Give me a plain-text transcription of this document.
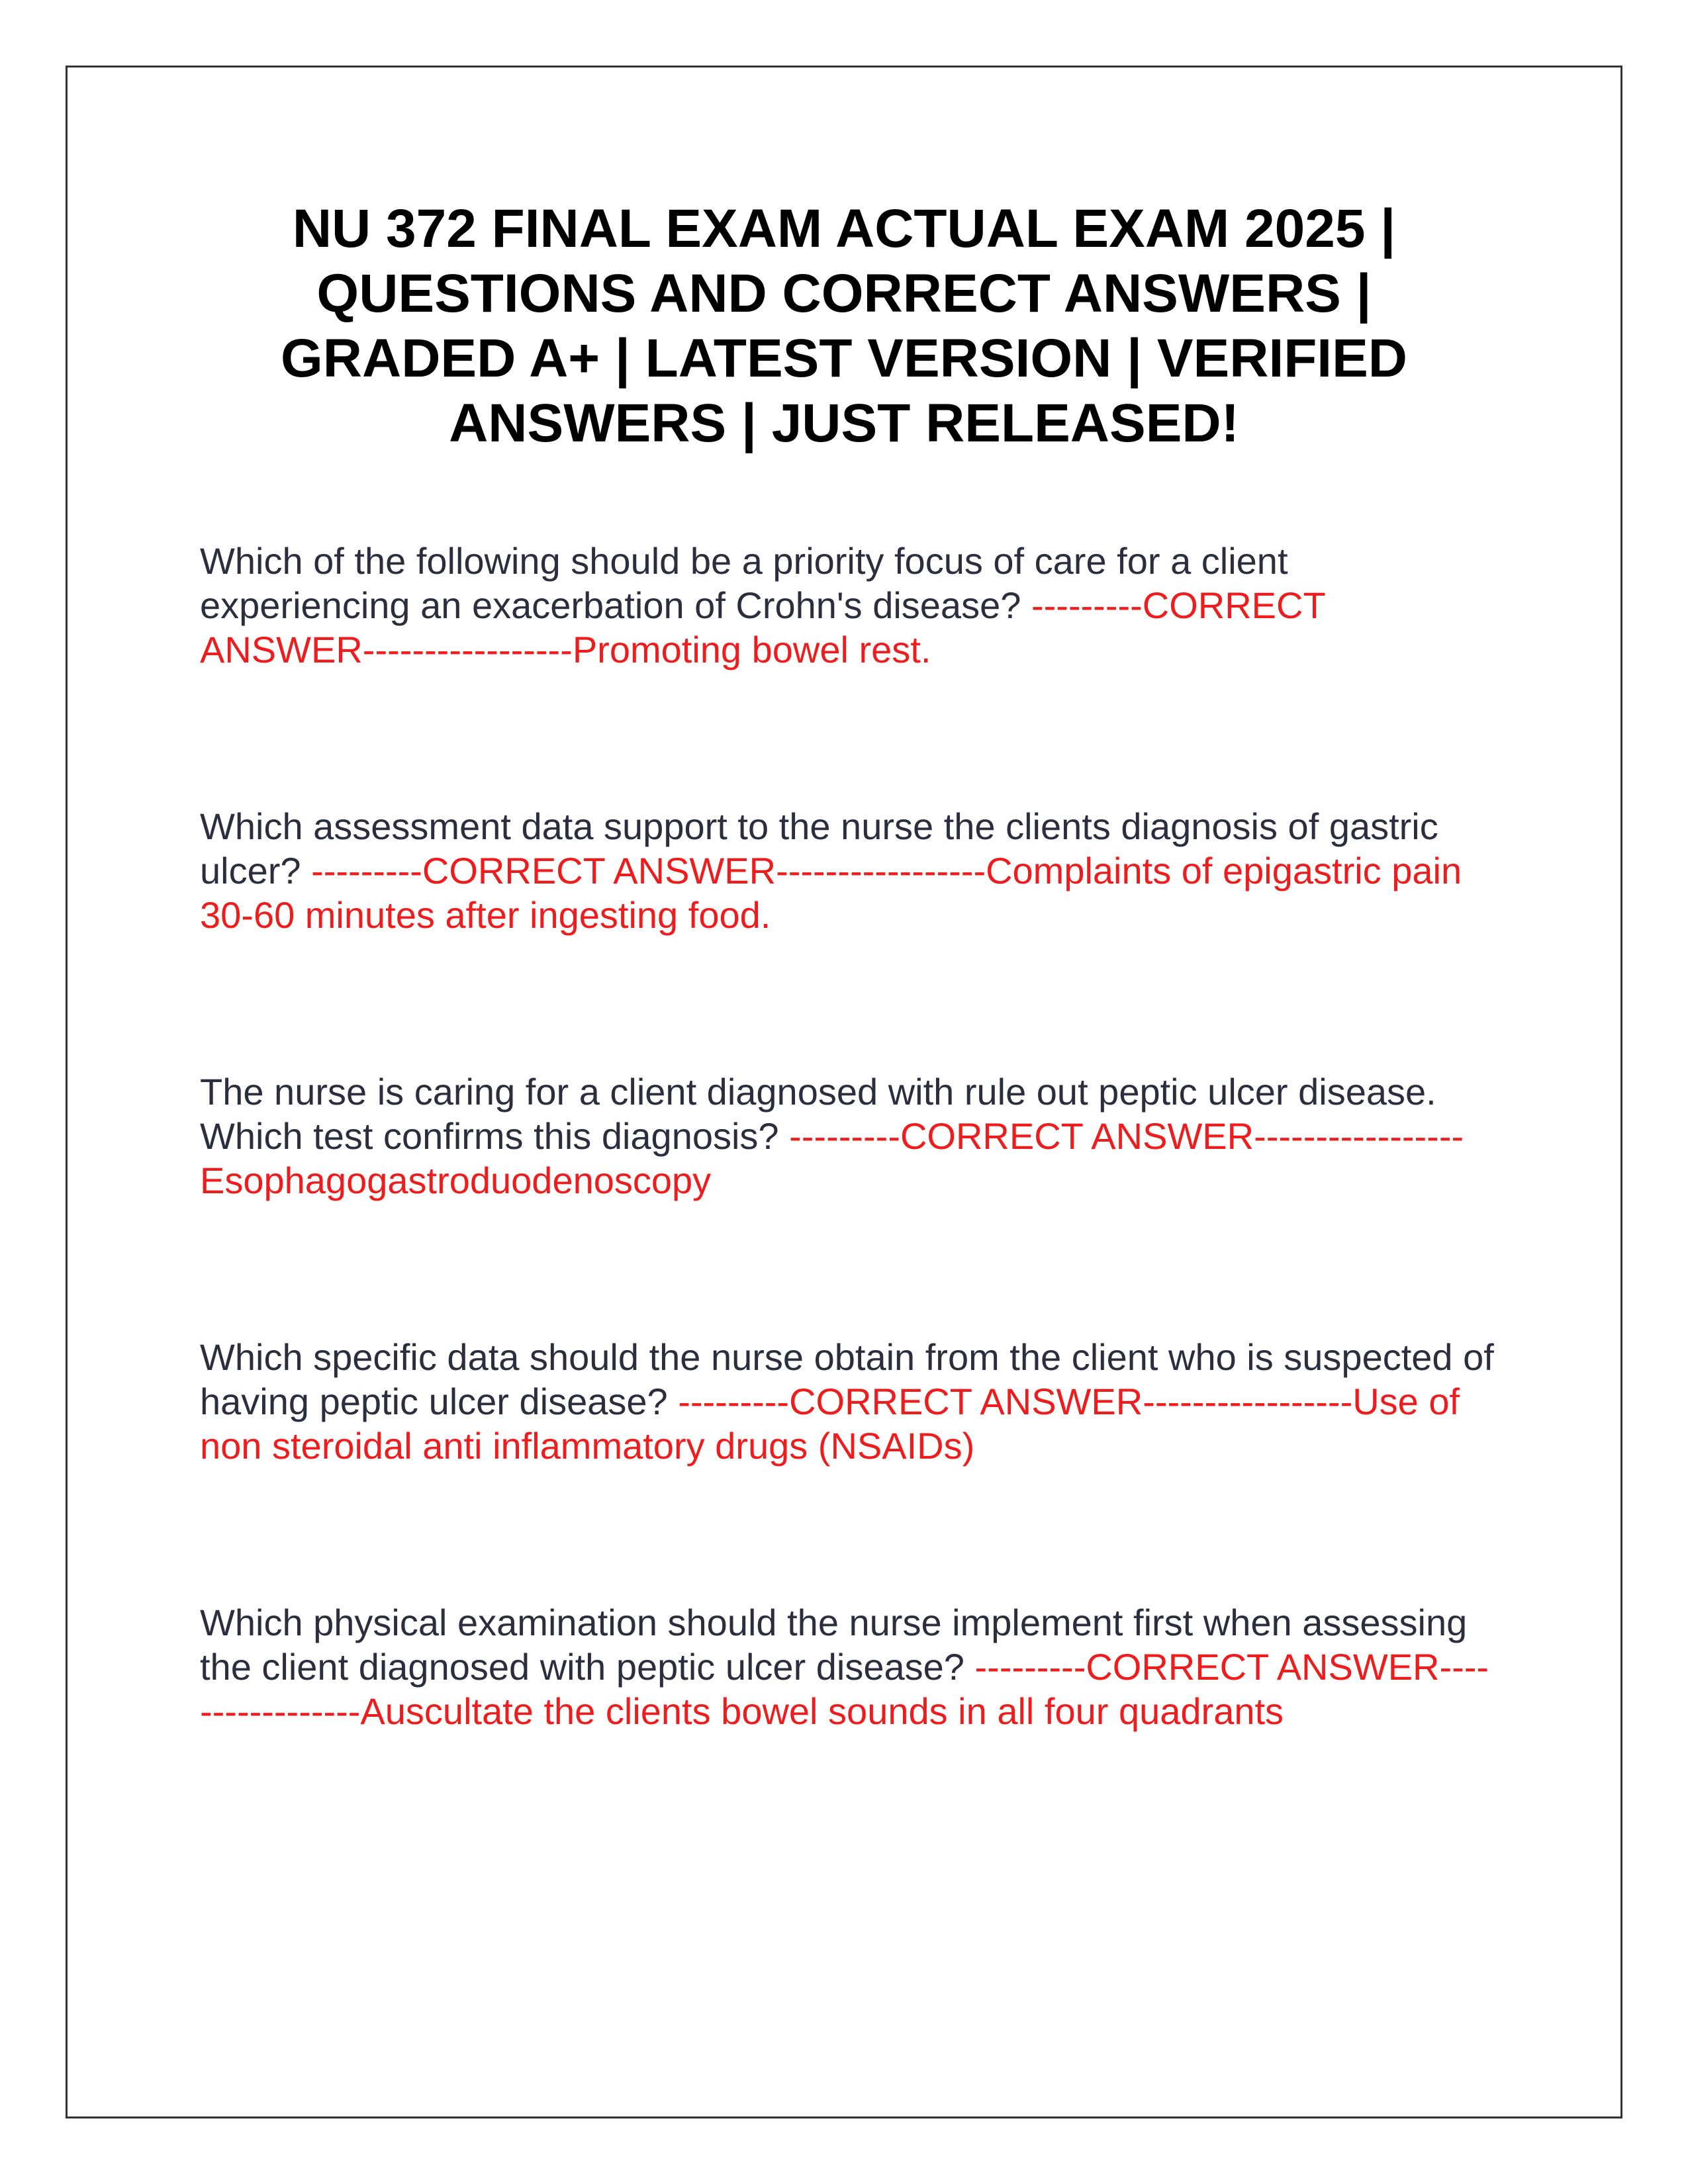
NU 372 FINAL EXAM ACTUAL EXAM 2025 | QUESTIONS AND CORRECT ANSWERS | GRADED A+ | LATEST VERSION | VERIFIED ANSWERS | JUST RELEASED!

Which of the following should be a priority focus of care for a client experiencing an exacerbation of Crohn's disease? ---------CORRECT ANSWER-----------------Promoting bowel rest.

Which assessment data support to the nurse the clients diagnosis of gastric ulcer? ---------CORRECT ANSWER-----------------Complaints of epigastric pain 30-60 minutes after ingesting food.

The nurse is caring for a client diagnosed with rule out peptic ulcer disease. Which test confirms this diagnosis? ---------CORRECT ANSWER-----------------Esophagogastroduodenoscopy

Which specific data should the nurse obtain from the client who is suspected of having peptic ulcer disease? ---------CORRECT ANSWER-----------------Use of non steroidal anti inflammatory drugs (NSAIDs)

Which physical examination should the nurse implement first when assessing the client diagnosed with peptic ulcer disease? ---------CORRECT ANSWER-----------------Auscultate the clients bowel sounds in all four quadrants
